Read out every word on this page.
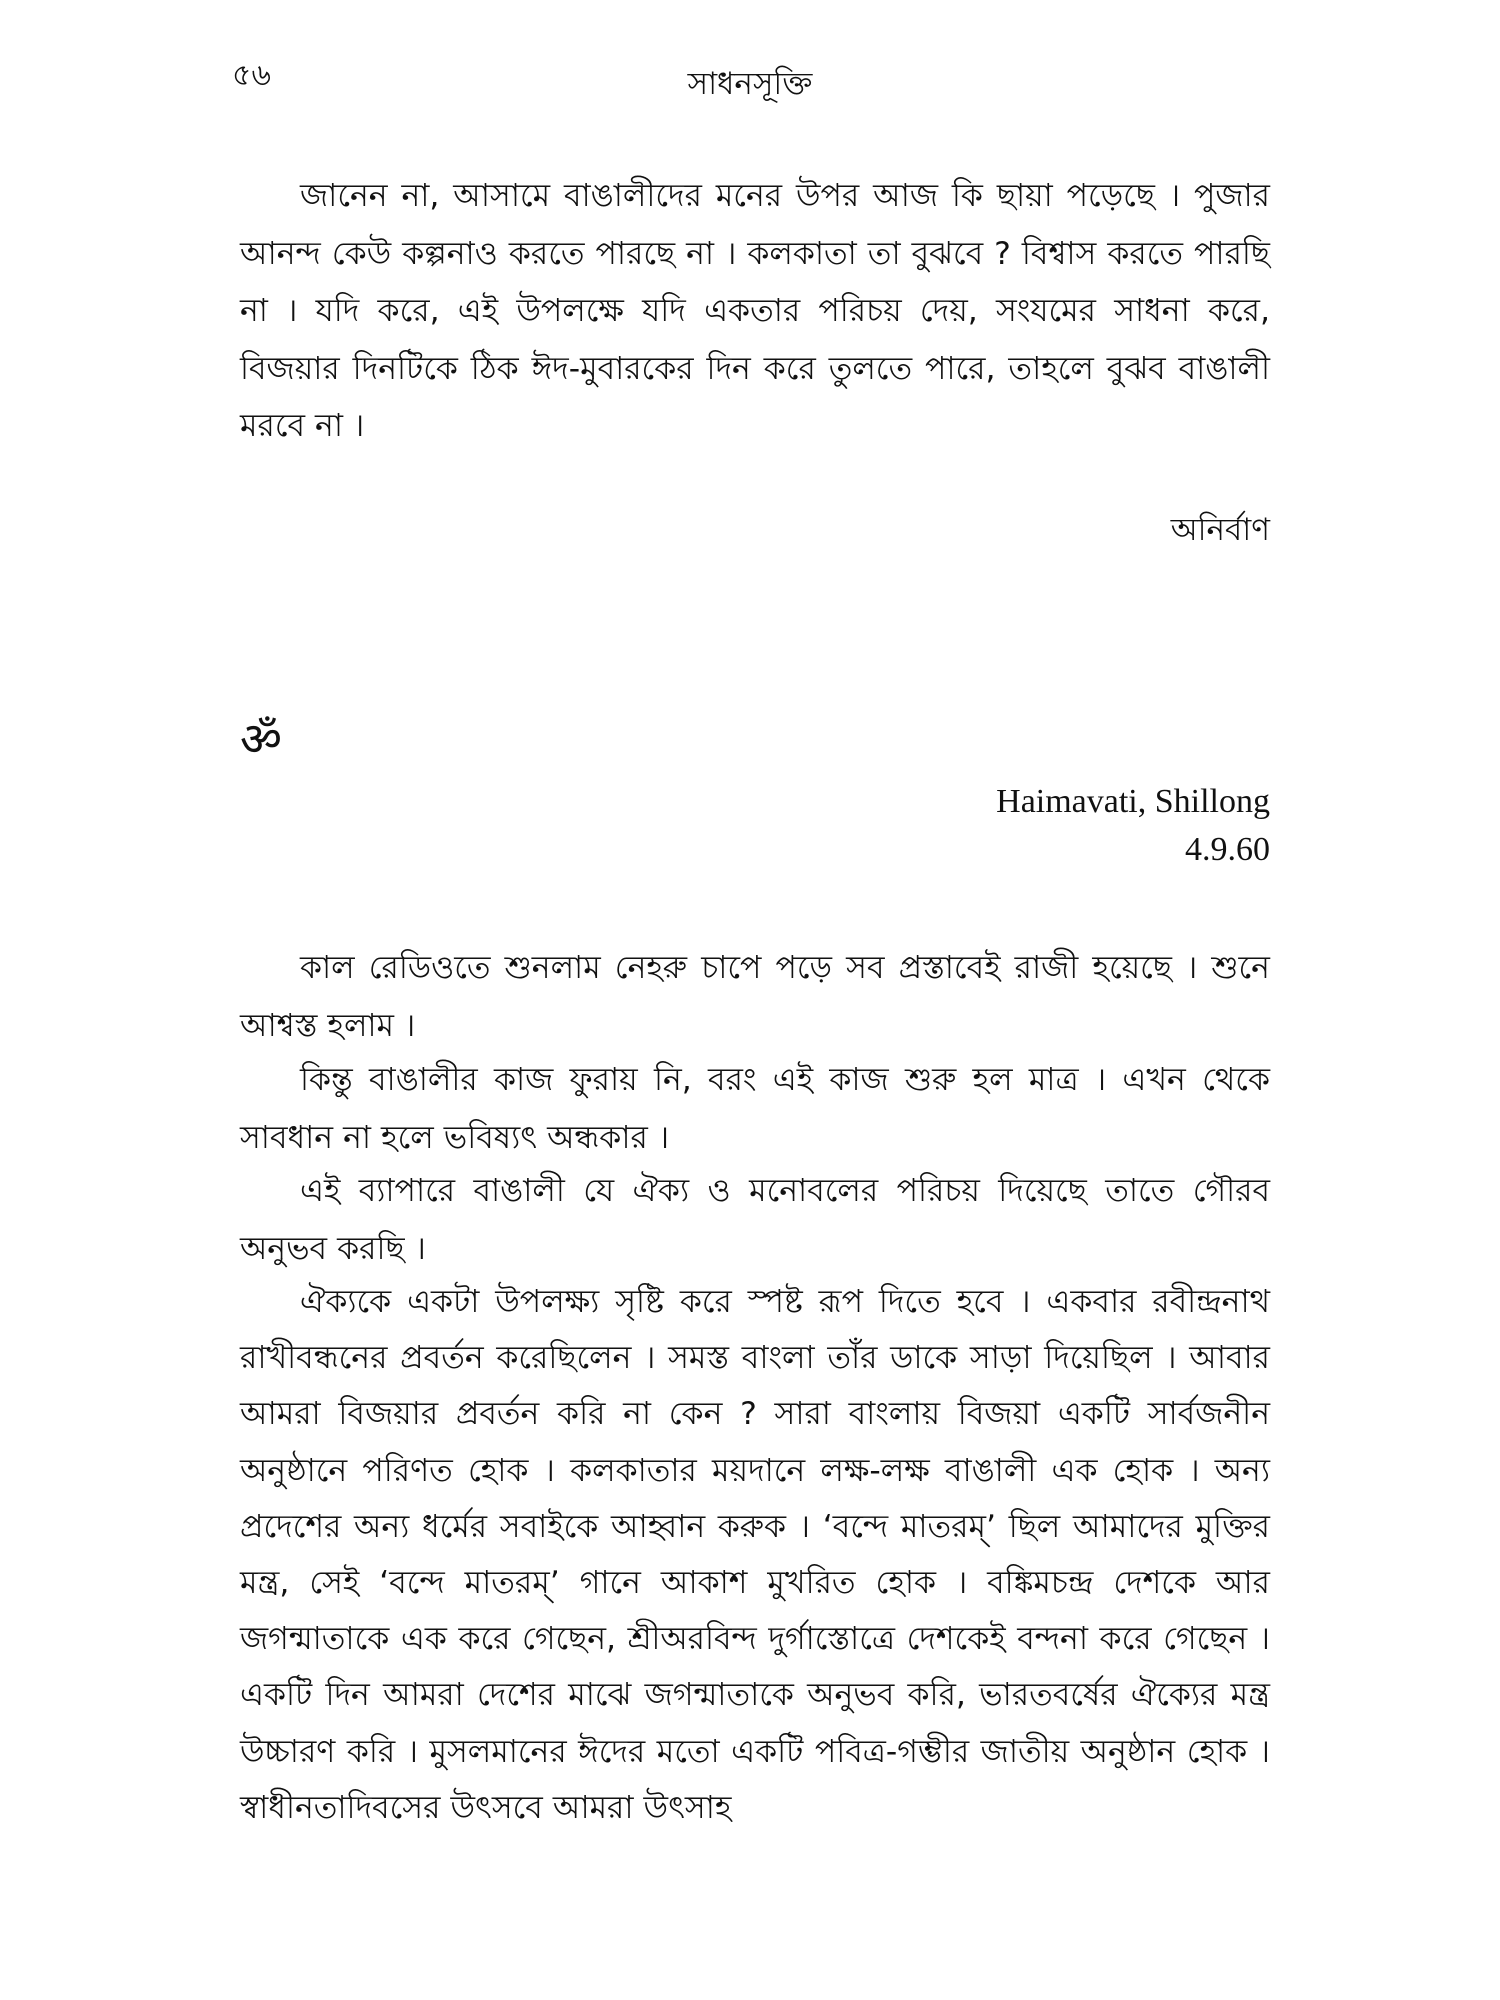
৫৬	সাধনসূক্তি

জানেন না, আসামে বাঙালীদের মনের উপর আজ কি ছায়া পড়েছে । পুজার আনন্দ কেউ কল্পনাও করতে পারছে না । কলকাতা তা বুঝবে ? বিশ্বাস করতে পারছি না । যদি করে, এই উপলক্ষে যদি একতার পরিচয় দেয়, সংযমের সাধনা করে, বিজয়ার দিনটিকে ঠিক ঈদ-মুবারকের দিন করে তুলতে পারে, তাহলে বুঝব বাঙালী মরবে না ।

অনির্বাণ
ॐ
Haimavati, Shillong
4.9.60

কাল রেডিওতে শুনলাম নেহরু চাপে পড়ে সব প্রস্তাবেই রাজী হয়েছে । শুনে আশ্বস্ত হলাম ।

কিন্তু বাঙালীর কাজ ফুরায় নি, বরং এই কাজ শুরু হল মাত্র । এখন থেকে সাবধান না হলে ভবিষ্যৎ অন্ধকার ।

এই ব্যাপারে বাঙালী যে ঐক্য ও মনোবলের পরিচয় দিয়েছে তাতে গৌরব অনুভব করছি ।

ঐক্যকে একটা উপলক্ষ্য সৃষ্টি করে স্পষ্ট রূপ দিতে হবে । একবার রবীন্দ্রনাথ রাখীবন্ধনের প্রবর্তন করেছিলেন । সমস্ত বাংলা তাঁর ডাকে সাড়া দিয়েছিল । আবার আমরা বিজয়ার প্রবর্তন করি না কেন ? সারা বাংলায় বিজয়া একটি সার্বজনীন অনুষ্ঠানে পরিণত হোক । কলকাতার ময়দানে লক্ষ-লক্ষ বাঙালী এক হোক । অন্য প্রদেশের অন্য ধর্মের সবাইকে আহ্বান করুক । ‘বন্দে মাতরম্’ ছিল আমাদের মুক্তির মন্ত্র, সেই ‘বন্দে মাতরম্’ গানে আকাশ মুখরিত হোক । বঙ্কিমচন্দ্র দেশকে আর জগন্মাতাকে এক করে গেছেন, শ্রীঅরবিন্দ দুর্গাস্তোত্রে দেশকেই বন্দনা করে গেছেন । একটি দিন আমরা দেশের মাঝে জগন্মাতাকে অনুভব করি, ভারতবর্ষের ঐক্যের মন্ত্র উচ্চারণ করি । মুসলমানের ঈদের মতো একটি পবিত্র-গম্ভীর জাতীয় অনুষ্ঠান হোক । স্বাধীনতাদিবসের উৎসবে আমরা উৎসাহ
